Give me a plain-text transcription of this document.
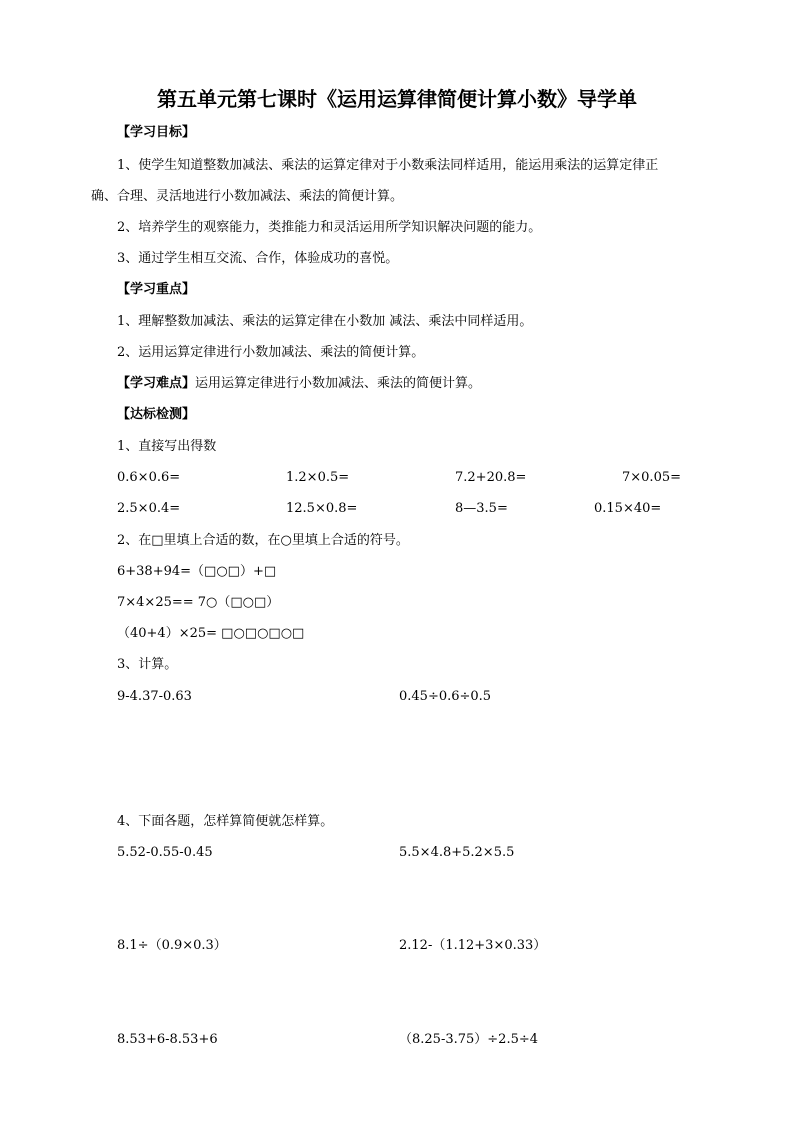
第五单元第七课时《运用运算律简便计算小数》导学单
【学习目标】
1、使学生知道整数加减法、乘法的运算定律对于小数乘法同样适用，能运用乘法的运算定律正
确、合理、灵活地进行小数加减法、乘法的简便计算。
2、培养学生的观察能力，类推能力和灵活运用所学知识解决问题的能力。
3、通过学生相互交流、合作，体验成功的喜悦。
【学习重点】
1、理解整数加减法、乘法的运算定律在小数加 减法、乘法中同样适用。
2、运用运算定律进行小数加减法、乘法的简便计算。
【学习难点】运用运算定律进行小数加减法、乘法的简便计算。
【达标检测】
1、直接写出得数
0.6×0.6=	1.2×0.5=	7.2+20.8=	7×0.05=
2.5×0.4=	12.5×0.8=	8—3.5=	0.15×40=
2、在□里填上合适的数，在○里填上合适的符号。
6+38+94=（□○□）+□
7×4×25== 7○（□○□）
（40+4）×25= □○□○□○□
3、计算。
9-4.37-0.63	0.45÷0.6÷0.5
4、下面各题，怎样算简便就怎样算。
5.52-0.55-0.45	5.5×4.8+5.2×5.5
8.1÷（0.9×0.3）	2.12-（1.12+3×0.33）
8.53+6-8.53+6	（8.25-3.75）÷2.5÷4
